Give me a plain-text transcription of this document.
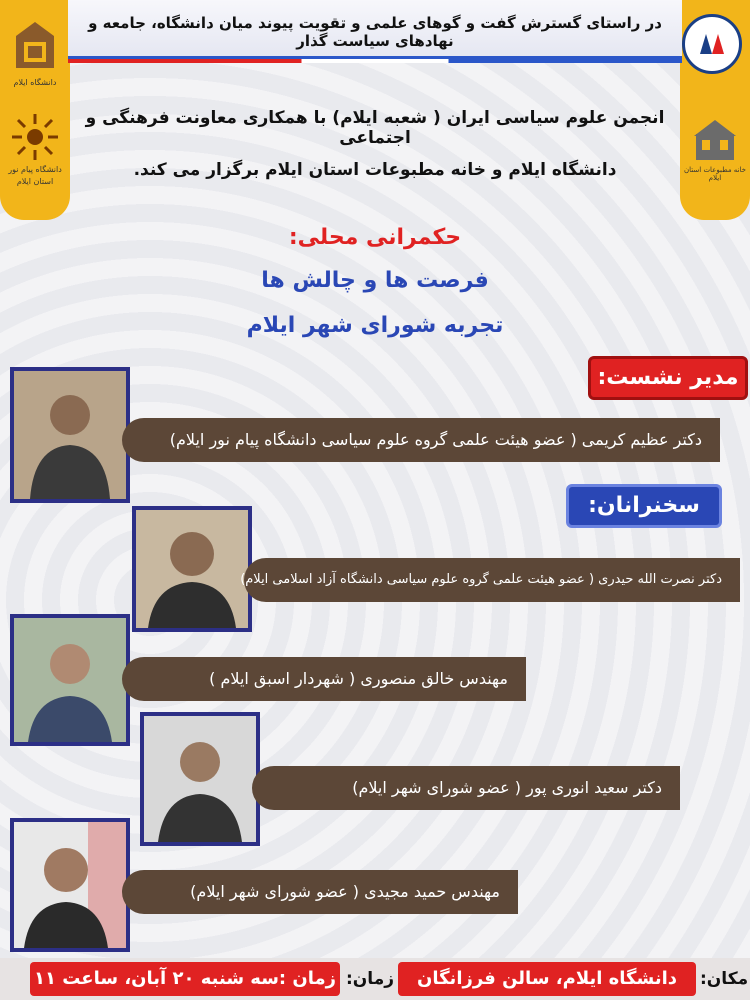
در راستای گسترش گفت و گوهای علمی و تقویت پیوند میان دانشگاه، جامعه و نهادهای سیاست گذار
خانه مطبوعات استان ایلام
دانشگاه ایلام
دانشگاه پیام نور
استان ایلام
انجمن علوم سیاسی ایران ( شعبه ایلام) با همکاری معاونت فرهنگی و اجتماعی
دانشگاه ایلام و خانه مطبوعات استان ایلام برگزار می کند.
حکمرانی محلی:
فرصت ها و چالش ها
تجربه شورای شهر ایلام
مدیر نشست:
دکتر عظیم کریمی ( عضو هیئت علمی گروه علوم سیاسی دانشگاه پیام نور ایلام)
سخنرانان:
دکتر نصرت الله حیدری ( عضو هیئت علمی گروه علوم سیاسی دانشگاه آزاد اسلامی ایلام)
مهندس خالق منصوری ( شهردار اسبق ایلام )
دکتر سعید انوری پور ( عضو شورای شهر ایلام)
مهندس حمید مجیدی ( عضو شورای شهر ایلام)
مکان:
دانشگاه ایلام، سالن فرزانگان
زمان:
زمان :سه شنبه ۲۰ آبان، ساعت ۱۱
